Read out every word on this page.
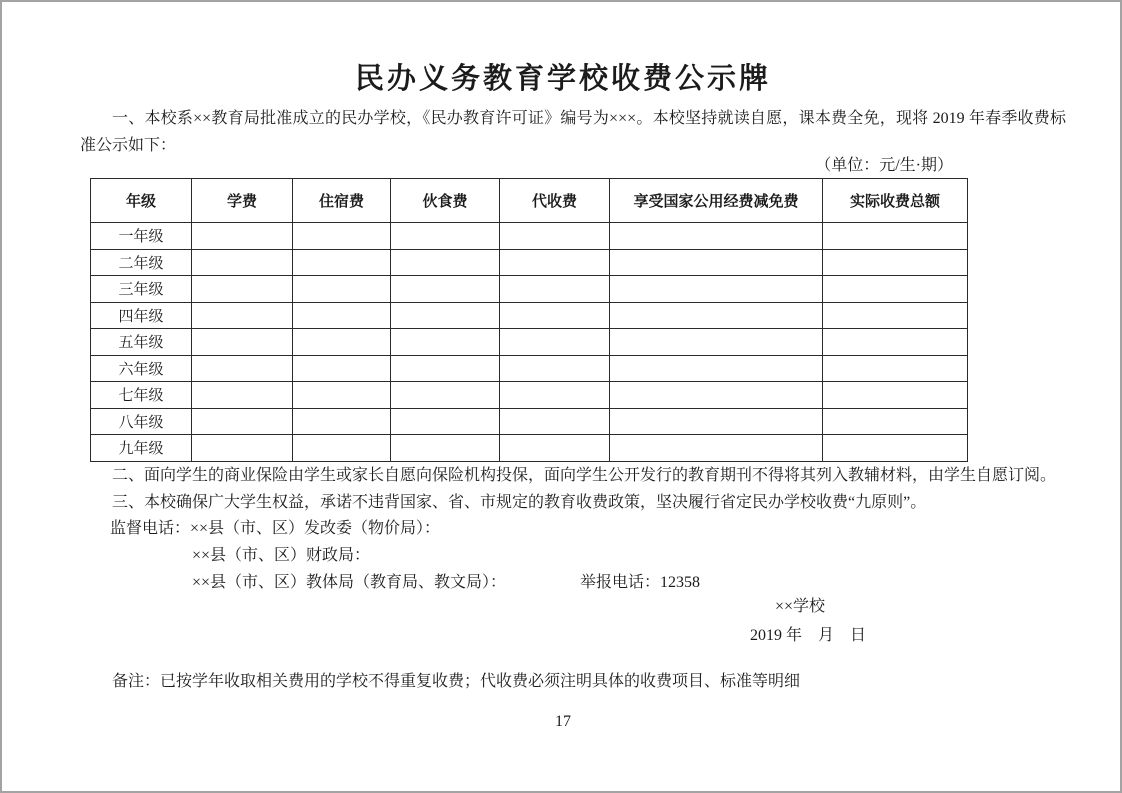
民办义务教育学校收费公示牌
一、本校系××教育局批准成立的民办学校，《民办教育许可证》编号为×××。本校坚持就读自愿，课本费全免，现将 2019 年春季收费标准公示如下：
（单位：元/生·期）
年级	学费	住宿费	伙食费	代收费	享受国家公用经费减免费	实际收费总额
一年级						
二年级						
三年级						
四年级						
五年级						
六年级						
七年级						
八年级						
九年级						
二、面向学生的商业保险由学生或家长自愿向保险机构投保，面向学生公开发行的教育期刊不得将其列入教辅材料，由学生自愿订阅。
三、本校确保广大学生权益，承诺不违背国家、省、市规定的教育收费政策，坚决履行省定民办学校收费“九原则”。
监督电话：××县（市、区）发改委（物价局）：
××县（市、区）财政局：
××县（市、区）教体局（教育局、教文局）：	举报电话：12358
××学校
2019 年　月　日
备注：已按学年收取相关费用的学校不得重复收费；代收费必须注明具体的收费项目、标准等明细
17
